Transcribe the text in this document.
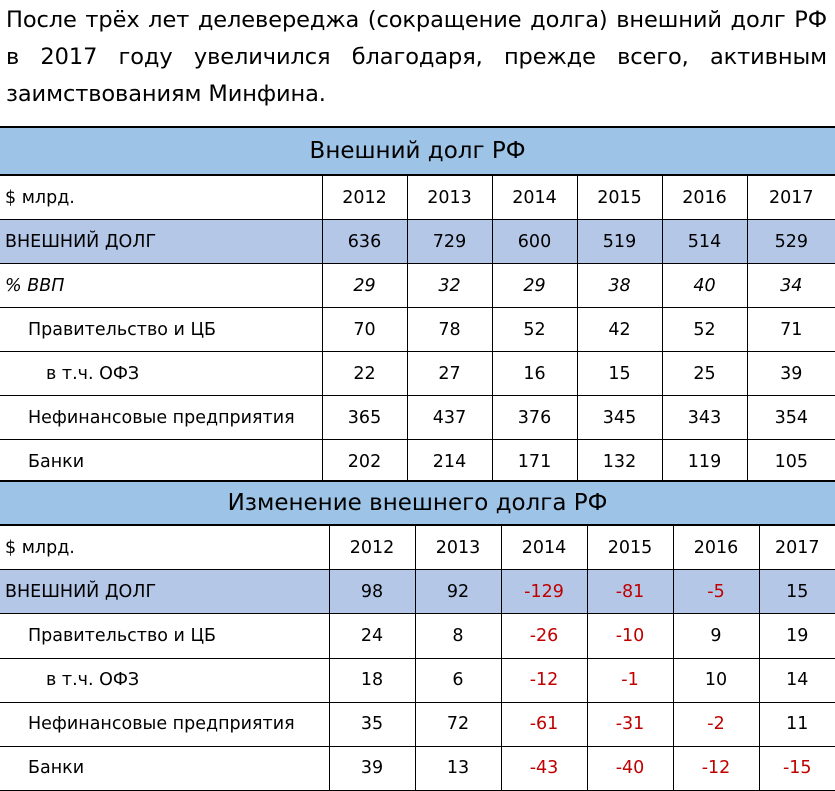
После трёх лет делевереджа (сокращение долга) внешний долг РФ в 2017 году увеличился благодаря, прежде всего, активным заимствованиям Минфина.
Внешний долг РФ						
$ млрд.	2012	2013	2014	2015	2016	2017
ВНЕШНИЙ ДОЛГ	636	729	600	519	514	529
% ВВП	29	32	29	38	40	34
Правительство и ЦБ	70	78	52	42	52	71
в т.ч. ОФЗ	22	27	16	15	25	39
Нефинансовые предприятия	365	437	376	345	343	354
Банки	202	214	171	132	119	105
Изменение внешнего долга РФ						
$ млрд.	2012	2013	2014	2015	2016	2017
ВНЕШНИЙ ДОЛГ	98	92	-129	-81	-5	15
Правительство и ЦБ	24	8	-26	-10	9	19
в т.ч. ОФЗ	18	6	-12	-1	10	14
Нефинансовые предприятия	35	72	-61	-31	-2	11
Банки	39	13	-43	-40	-12	-15
